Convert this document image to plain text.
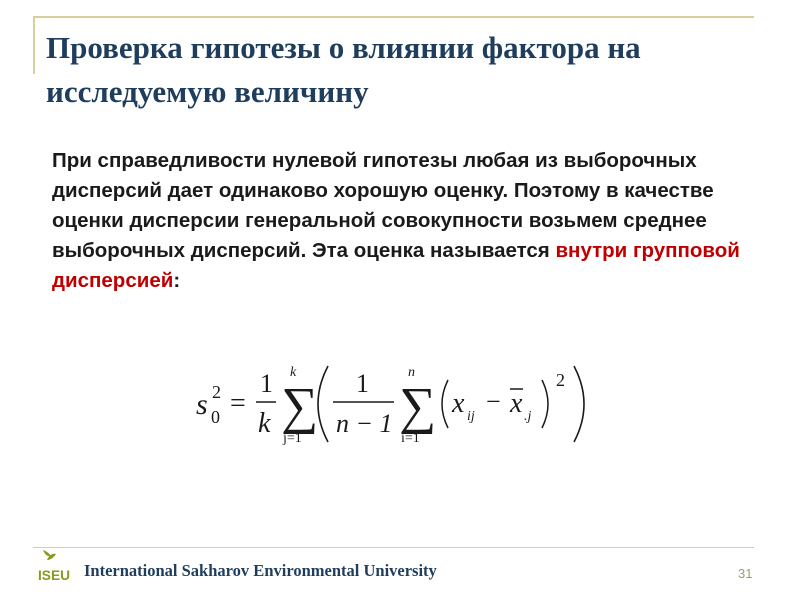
Проверка гипотезы о влиянии фактора на исследуемую величину
При справедливости нулевой гипотезы любая из выборочных дисперсий дает одинаково хорошую оценку. Поэтому в качестве оценки дисперсии генеральной совокупности возьмем среднее выборочных дисперсий. Эта оценка называется внутри групповой дисперсией:
s 2
0 =
1
k
k
∑
j=1
1
n − 1
n
∑
i=1
x ij
− x .j
2
ISEU International Sakharov Environmental University	31
